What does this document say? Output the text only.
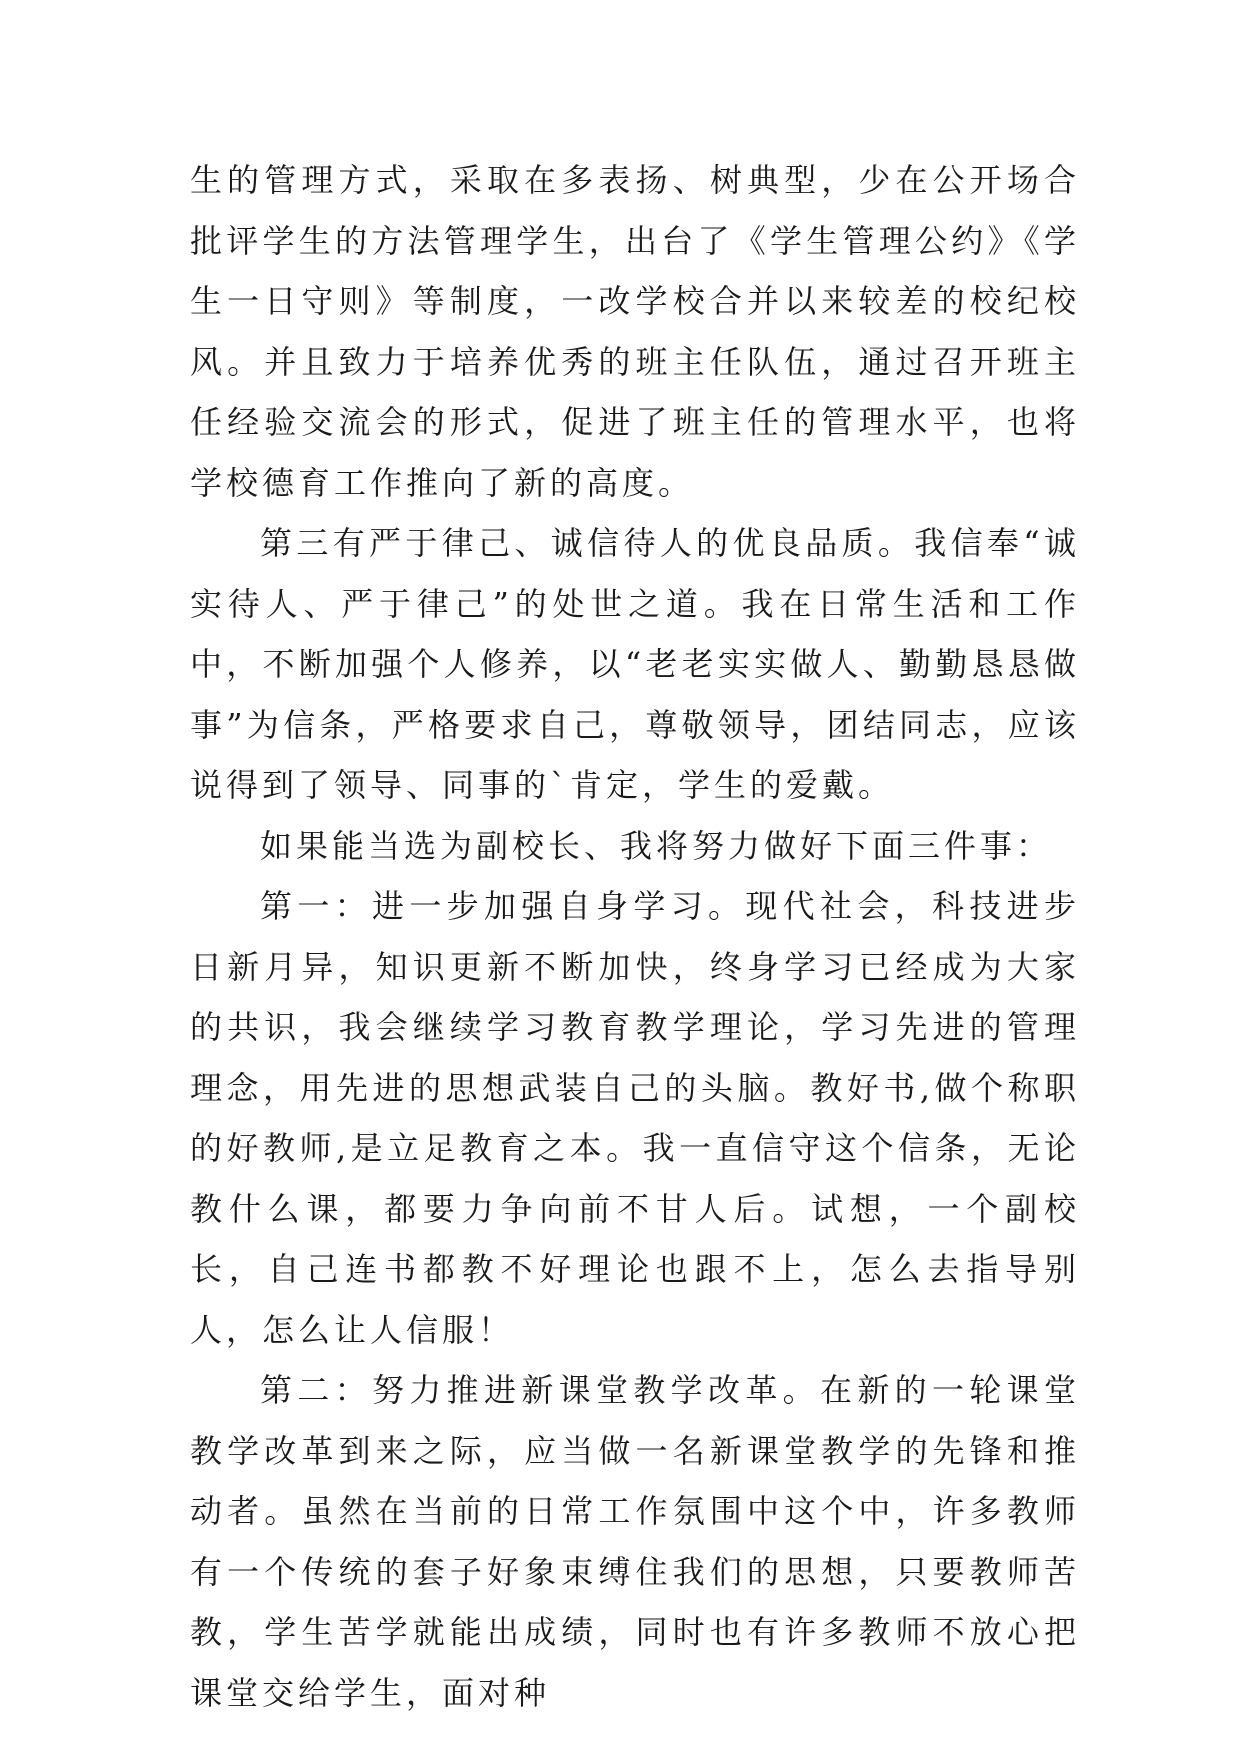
生的管理方式，采取在多表扬、树典型，少在公开场合批评学生的方法管理学生，出台了《学生管理公约》《学生一日守则》等制度，一改学校合并以来较差的校纪校风。并且致力于培养优秀的班主任队伍，通过召开班主任经验交流会的形式，促进了班主任的管理水平，也将学校德育工作推向了新的高度。

第三有严于律己、诚信待人的优良品质。我信奉“诚实待人、严于律己”的处世之道。我在日常生活和工作中，不断加强个人修养，以“老老实实做人、勤勤恳恳做事”为信条，严格要求自己，尊敬领导，团结同志，应该说得到了领导、同事的`肯定，学生的爱戴。

如果能当选为副校长、我将努力做好下面三件事：

第一：进一步加强自身学习。现代社会，科技进步日新月异，知识更新不断加快，终身学习已经成为大家的共识，我会继续学习教育教学理论，学习先进的管理理念，用先进的思想武装自己的头脑。教好书,做个称职的好教师,是立足教育之本。我一直信守这个信条，无论教什么课，都要力争向前不甘人后。试想，一个副校长，自己连书都教不好理论也跟不上，怎么去指导别人，怎么让人信服！

第二：努力推进新课堂教学改革。在新的一轮课堂教学改革到来之际，应当做一名新课堂教学的先锋和推动者。虽然在当前的日常工作氛围中这个中，许多教师有一个传统的套子好象束缚住我们的思想，只要教师苦教，学生苦学就能出成绩，同时也有许多教师不放心把课堂交给学生，面对种
